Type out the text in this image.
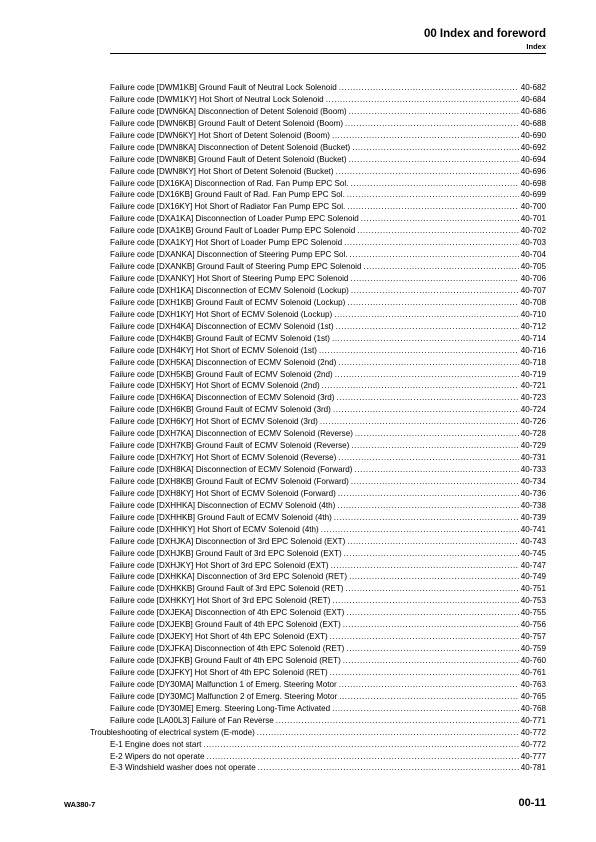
00 Index and foreword
Index
Failure code [DWM1KB] Ground Fault of Neutral Lock Solenoid .....	40-682
Failure code [DWM1KY] Hot Short of Neutral Lock Solenoid .....	40-684
Failure code [DWN6KA] Disconnection of Detent Solenoid (Boom) .....	40-686
Failure code [DWN6KB] Ground Fault of Detent Solenoid (Boom) .....	40-688
Failure code [DWN6KY] Hot Short of Detent Solenoid (Boom) .....	40-690
Failure code [DWN8KA] Disconnection of Detent Solenoid (Bucket) .....	40-692
Failure code [DWN8KB] Ground Fault of Detent Solenoid (Bucket) .....	40-694
Failure code [DWN8KY] Hot Short of Detent Solenoid (Bucket) .....	40-696
Failure code [DX16KA] Disconnection of Rad. Fan Pump EPC Sol. .....	40-698
Failure code [DX16KB] Ground Fault of Rad. Fan Pump EPC Sol. .....	40-699
Failure code [DX16KY] Hot Short of Radiator Fan Pump EPC Sol. .....	40-700
Failure code [DXA1KA] Disconnection of Loader Pump EPC Solenoid .....	40-701
Failure code [DXA1KB] Ground Fault of Loader Pump EPC Solenoid .....	40-702
Failure code [DXA1KY] Hot Short of Loader Pump EPC Solenoid .....	40-703
Failure code [DXANKA] Disconnection of Steering Pump EPC Sol. .....	40-704
Failure code [DXANKB] Ground Fault of Steering Pump EPC Solenoid .....	40-705
Failure code [DXANKY] Hot Short of Steering Pump EPC Solenoid .....	40-706
Failure code [DXH1KA] Disconnection of ECMV Solenoid (Lockup) .....	40-707
Failure code [DXH1KB] Ground Fault of ECMV Solenoid (Lockup) .....	40-708
Failure code [DXH1KY] Hot Short of ECMV Solenoid (Lockup) .....	40-710
Failure code [DXH4KA] Disconnection of ECMV Solenoid (1st) .....	40-712
Failure code [DXH4KB] Ground Fault of ECMV Solenoid (1st) .....	40-714
Failure code [DXH4KY] Hot Short of ECMV Solenoid (1st) .....	40-716
Failure code [DXH5KA] Disconnection of ECMV Solenoid (2nd) .....	40-718
Failure code [DXH5KB] Ground Fault of ECMV Solenoid (2nd) .....	40-719
Failure code [DXH5KY] Hot Short of ECMV Solenoid (2nd) .....	40-721
Failure code [DXH6KA] Disconnection of ECMV Solenoid (3rd) .....	40-723
Failure code [DXH6KB] Ground Fault of ECMV Solenoid (3rd) .....	40-724
Failure code [DXH6KY] Hot Short of ECMV Solenoid (3rd) .....	40-726
Failure code [DXH7KA] Disconnection of ECMV Solenoid (Reverse) .....	40-728
Failure code [DXH7KB] Ground Fault of ECMV Solenoid (Reverse) .....	40-729
Failure code [DXH7KY] Hot Short of ECMV Solenoid (Reverse) .....	40-731
Failure code [DXH8KA] Disconnection of ECMV Solenoid (Forward) .....	40-733
Failure code [DXH8KB] Ground Fault of ECMV Solenoid (Forward) .....	40-734
Failure code [DXH8KY] Hot Short of ECMV Solenoid (Forward) .....	40-736
Failure code [DXHHKA] Disconnection of ECMV Solenoid (4th) .....	40-738
Failure code [DXHHKB] Ground Fault of ECMV Solenoid (4th) .....	40-739
Failure code [DXHHKY] Hot Short of ECMV Solenoid (4th) .....	40-741
Failure code [DXHJKA] Disconnection of 3rd EPC Solenoid (EXT) .....	40-743
Failure code [DXHJKB] Ground Fault of 3rd EPC Solenoid (EXT) .....	40-745
Failure code [DXHJKY] Hot Short of 3rd EPC Solenoid (EXT) .....	40-747
Failure code [DXHKKA] Disconnection of 3rd EPC Solenoid (RET) .....	40-749
Failure code [DXHKKB] Ground Fault of 3rd EPC Solenoid (RET) .....	40-751
Failure code [DXHKKY] Hot Short of 3rd EPC Solenoid (RET) .....	40-753
Failure code [DXJEKA] Disconnection of 4th EPC Solenoid (EXT) .....	40-755
Failure code [DXJEKB] Ground Fault of 4th EPC Solenoid (EXT) .....	40-756
Failure code [DXJEKY] Hot Short of 4th EPC Solenoid (EXT) .....	40-757
Failure code [DXJFKA] Disconnection of 4th EPC Solenoid (RET) .....	40-759
Failure code [DXJFKB] Ground Fault of 4th EPC Solenoid (RET) .....	40-760
Failure code [DXJFKY] Hot Short of 4th EPC Solenoid (RET) .....	40-761
Failure code [DY30MA] Malfunction 1 of Emerg. Steering Motor .....	40-763
Failure code [DY30MC] Malfunction 2 of Emerg. Steering Motor .....	40-765
Failure code [DY30ME] Emerg. Steering Long-Time Activated .....	40-768
Failure code [LA00L3] Failure of Fan Reverse .....	40-771
Troubleshooting of electrical system (E-mode) .....	40-772
E-1 Engine does not start .....	40-772
E-2 Wipers do not operate .....	40-777
E-3 Windshield washer does not operate .....	40-781
WA380-7	00-11
